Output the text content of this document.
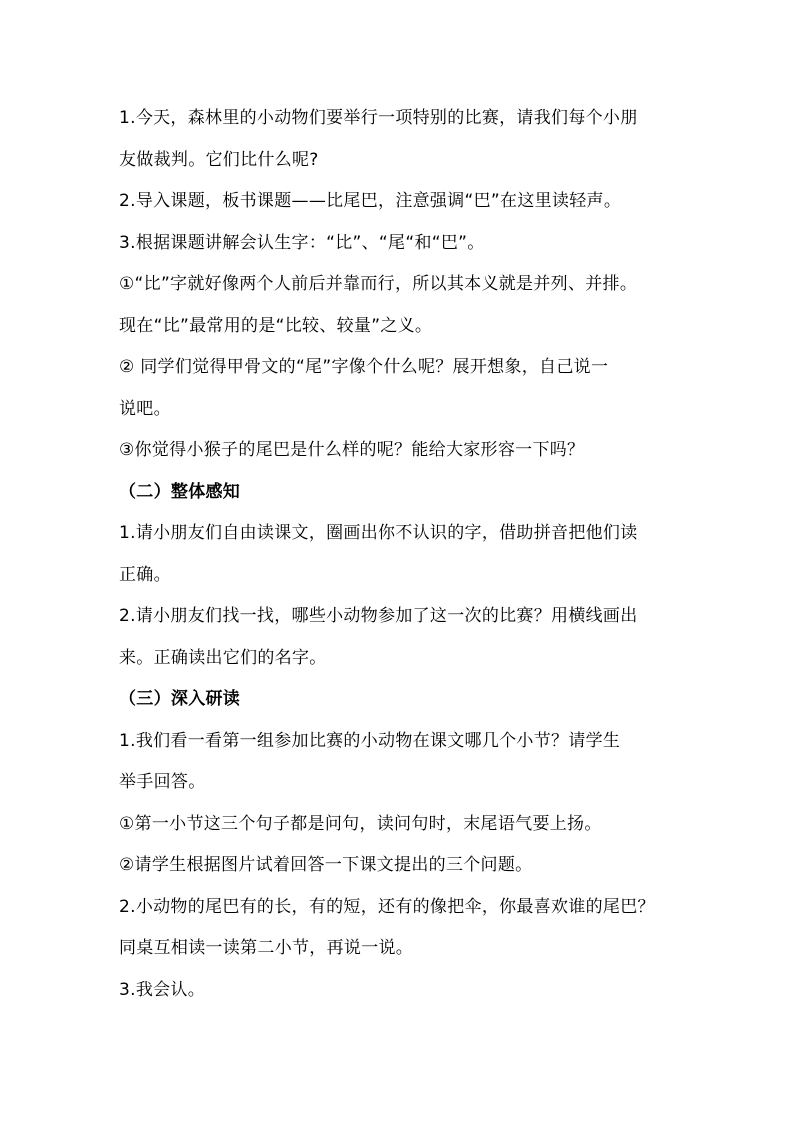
1.今天，森林里的小动物们要举行一项特别的比赛，请我们每个小朋
友做裁判。它们比什么呢?
2.导入课题，板书课题——比尾巴，注意强调“巴”在这里读轻声。
3.根据课题讲解会认生字：“比”、“尾“和“巴”。
①“比”字就好像两个人前后并靠而行，所以其本义就是并列、并排。
现在“比”最常用的是“比较、较量”之义。
② 同学们觉得甲骨文的“尾”字像个什么呢？展开想象，自己说一
说吧。
③你觉得小猴子的尾巴是什么样的呢？能给大家形容一下吗？
（二）整体感知
1.请小朋友们自由读课文，圈画出你不认识的字，借助拼音把他们读
正确。
2.请小朋友们找一找，哪些小动物参加了这一次的比赛？用横线画出
来。正确读出它们的名字。
（三）深入研读
1.我们看一看第一组参加比赛的小动物在课文哪几个小节？请学生
举手回答。
①第一小节这三个句子都是问句，读问句时，末尾语气要上扬。
②请学生根据图片试着回答一下课文提出的三个问题。
2.小动物的尾巴有的长，有的短，还有的像把伞，你最喜欢谁的尾巴？
同桌互相读一读第二小节，再说一说。
3.我会认。
